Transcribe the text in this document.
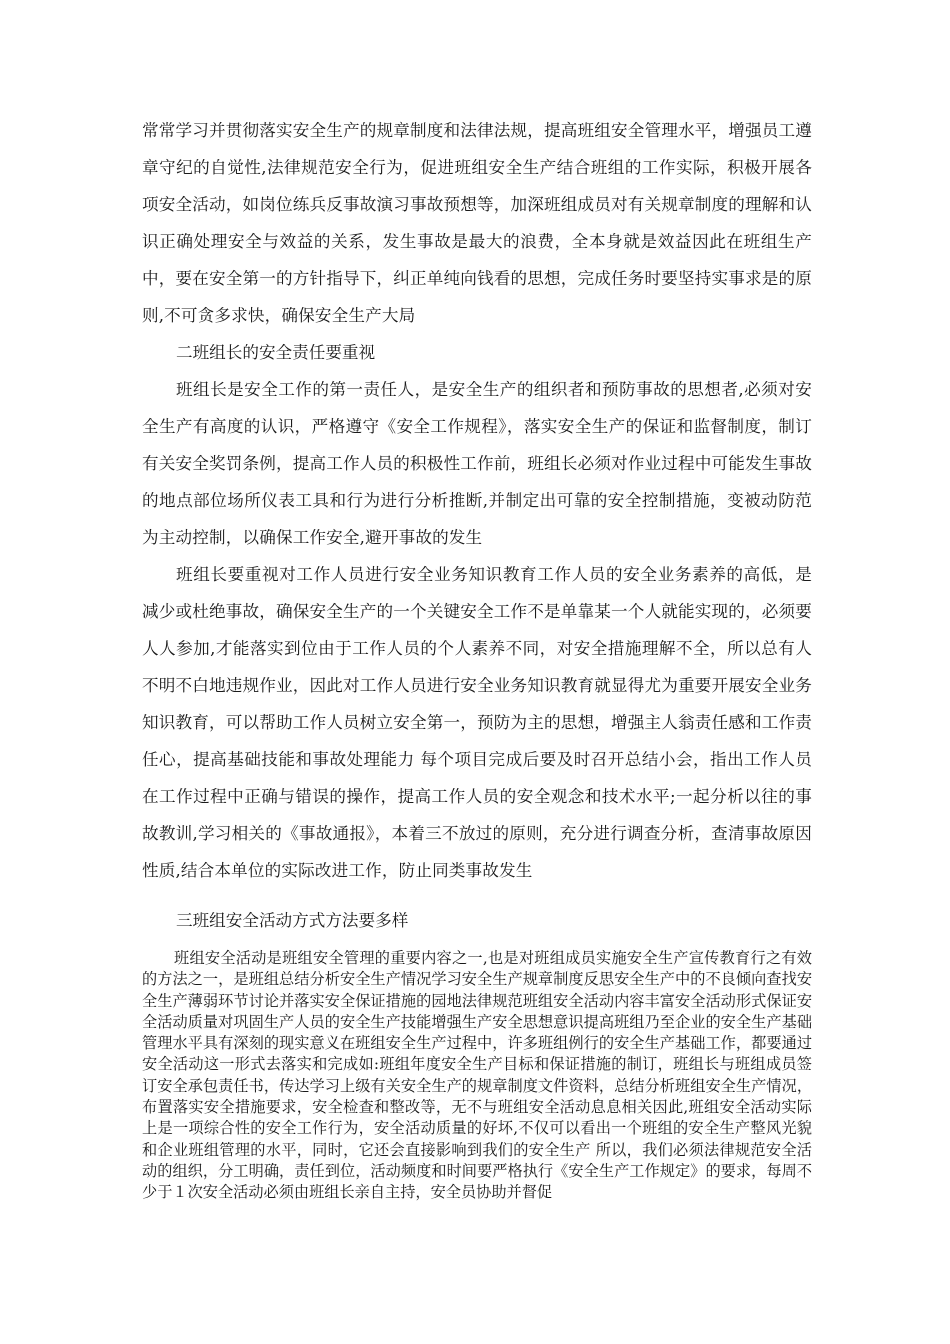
常常学习并贯彻落实安全生产的规章制度和法律法规，提高班组安全管理水平，增强员工遵章守纪的自觉性,法律规范安全行为，促进班组安全生产结合班组的工作实际，积极开展各项安全活动，如岗位练兵反事故演习事故预想等，加深班组成员对有关规章制度的理解和认识正确处理安全与效益的关系，发生事故是最大的浪费，全本身就是效益因此在班组生产中，要在安全第一的方针指导下，纠正单纯向钱看的思想，完成任务时要坚持实事求是的原则,不可贪多求快，确保安全生产大局

二班组长的安全责任要重视

班组长是安全工作的第一责任人，是安全生产的组织者和预防事故的思想者,必须对安全生产有高度的认识，严格遵守《安全工作规程》，落实安全生产的保证和监督制度，制订有关安全奖罚条例，提高工作人员的积极性工作前，班组长必须对作业过程中可能发生事故的地点部位场所仪表工具和行为进行分析推断,并制定出可靠的安全控制措施，变被动防范为主动控制，以确保工作安全,避开事故的发生

班组长要重视对工作人员进行安全业务知识教育工作人员的安全业务素养的高低，是减少或杜绝事故，确保安全生产的一个关键安全工作不是单靠某一个人就能实现的，必须要人人参加,才能落实到位由于工作人员的个人素养不同，对安全措施理解不全，所以总有人不明不白地违规作业，因此对工作人员进行安全业务知识教育就显得尤为重要开展安全业务知识教育，可以帮助工作人员树立安全第一，预防为主的思想，增强主人翁责任感和工作责任心，提高基础技能和事故处理能力 每个项目完成后要及时召开总结小会，指出工作人员在工作过程中正确与错误的操作，提高工作人员的安全观念和技术水平;一起分析以往的事故教训,学习相关的《事故通报》，本着三不放过的原则，充分进行调查分析，查清事故原因性质,结合本单位的实际改进工作，防止同类事故发生

三班组安全活动方式方法要多样

班组安全活动是班组安全管理的重要内容之一,也是对班组成员实施安全生产宣传教育行之有效的方法之一，是班组总结分析安全生产情况学习安全生产规章制度反思安全生产中的不良倾向查找安全生产薄弱环节讨论并落实安全保证措施的园地法律规范班组安全活动内容丰富安全活动形式保证安全活动质量对巩固生产人员的安全生产技能增强生产安全思想意识提高班组乃至企业的安全生产基础管理水平具有深刻的现实意义在班组安全生产过程中，许多班组例行的安全生产基础工作，都要通过安全活动这一形式去落实和完成如:班组年度安全生产目标和保证措施的制订，班组长与班组成员签订安全承包责任书，传达学习上级有关安全生产的规章制度文件资料，总结分析班组安全生产情况，布置落实安全措施要求，安全检查和整改等，无不与班组安全活动息息相关因此,班组安全活动实际上是一项综合性的安全工作行为，安全活动质量的好坏,不仅可以看出一个班组的安全生产整风光貌和企业班组管理的水平，同时，它还会直接影响到我们的安全生产 所以，我们必须法律规范安全活动的组织，分工明确，责任到位，活动频度和时间要严格执行《安全生产工作规定》的要求，每周不少于１次安全活动必须由班组长亲自主持，安全员协助并督促
